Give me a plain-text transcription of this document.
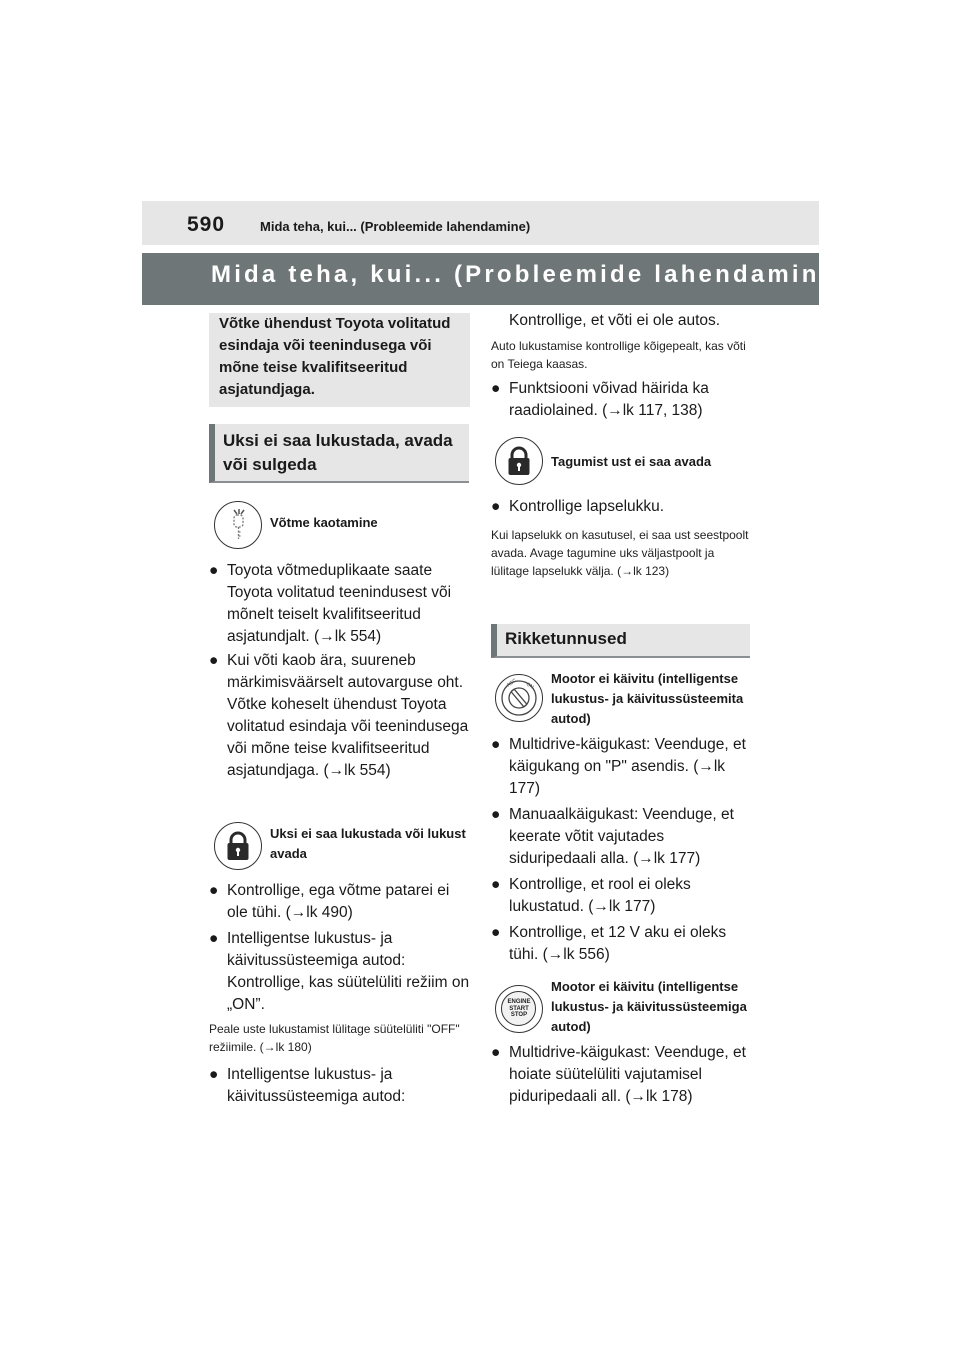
590	Mida teha, kui... (Probleemide lahendamine)
Mida teha, kui... (Probleemide lahendamine)
Võtke ühendust Toyota volitatud esindaja või teenindusega või mõne teise kvalifitseeritud asjatundjaga.
Uksi ei saa lukustada, avada või sulgeda
Võtme kaotamine
● Toyota võtmeduplikaate saate Toyota volitatud teenindusest või mõnelt teiselt kvalifitseeritud asjatundjalt. (→lk 554)
● Kui võti kaob ära, suureneb märkimisväärselt autovarguse oht. Võtke koheselt ühendust Toyota volitatud esindaja või teenindusega või mõne teise kvalifitseeritud asjatundjaga. (→lk 554)
Uksi ei saa lukustada või lukust avada
● Kontrollige, ega võtme patarei ei ole tühi. (→lk 490)
● Intelligentse lukustus- ja käivitussüsteemiga autod: Kontrollige, kas süütelüliti režiim on „ON”.
Peale uste lukustamist lülitage süütelüliti "OFF" režiimile. (→lk 180)
● Intelligentse lukustus- ja käivitussüsteemiga autod:
Kontrollige, et võti ei ole autos.
Auto lukustamise kontrollige kõigepealt, kas võti on Teiega kaasas.
● Funktsiooni võivad häirida ka raadiolained. (→lk 117, 138)
Tagumist ust ei saa avada
● Kontrollige lapselukku.
Kui lapselukk on kasutusel, ei saa ust seestpoolt avada. Avage tagumine uks väljastpoolt ja lülitage lapselukk välja. (→lk 123)
Rikketunnused
ACC ON
Mootor ei käivitu (intelligentse lukustus- ja käivitussüsteemita autod)
● Multidrive-käigukast: Veenduge, et käigukang on "P" asendis. (→lk 177)
● Manuaalkäigukast: Veenduge, et keerate võtit vajutades siduripedaali alla. (→lk 177)
● Kontrollige, et rool ei oleks lukustatud. (→lk 177)
● Kontrollige, et 12 V aku ei oleks tühi. (→lk 556)
ENGINE
START
STOP
Mootor ei käivitu (intelligentse lukustus- ja käivitussüsteemiga autod)
● Multidrive-käigukast: Veenduge, et hoiate süütelüliti vajutamisel piduripedaali all. (→lk 178)
